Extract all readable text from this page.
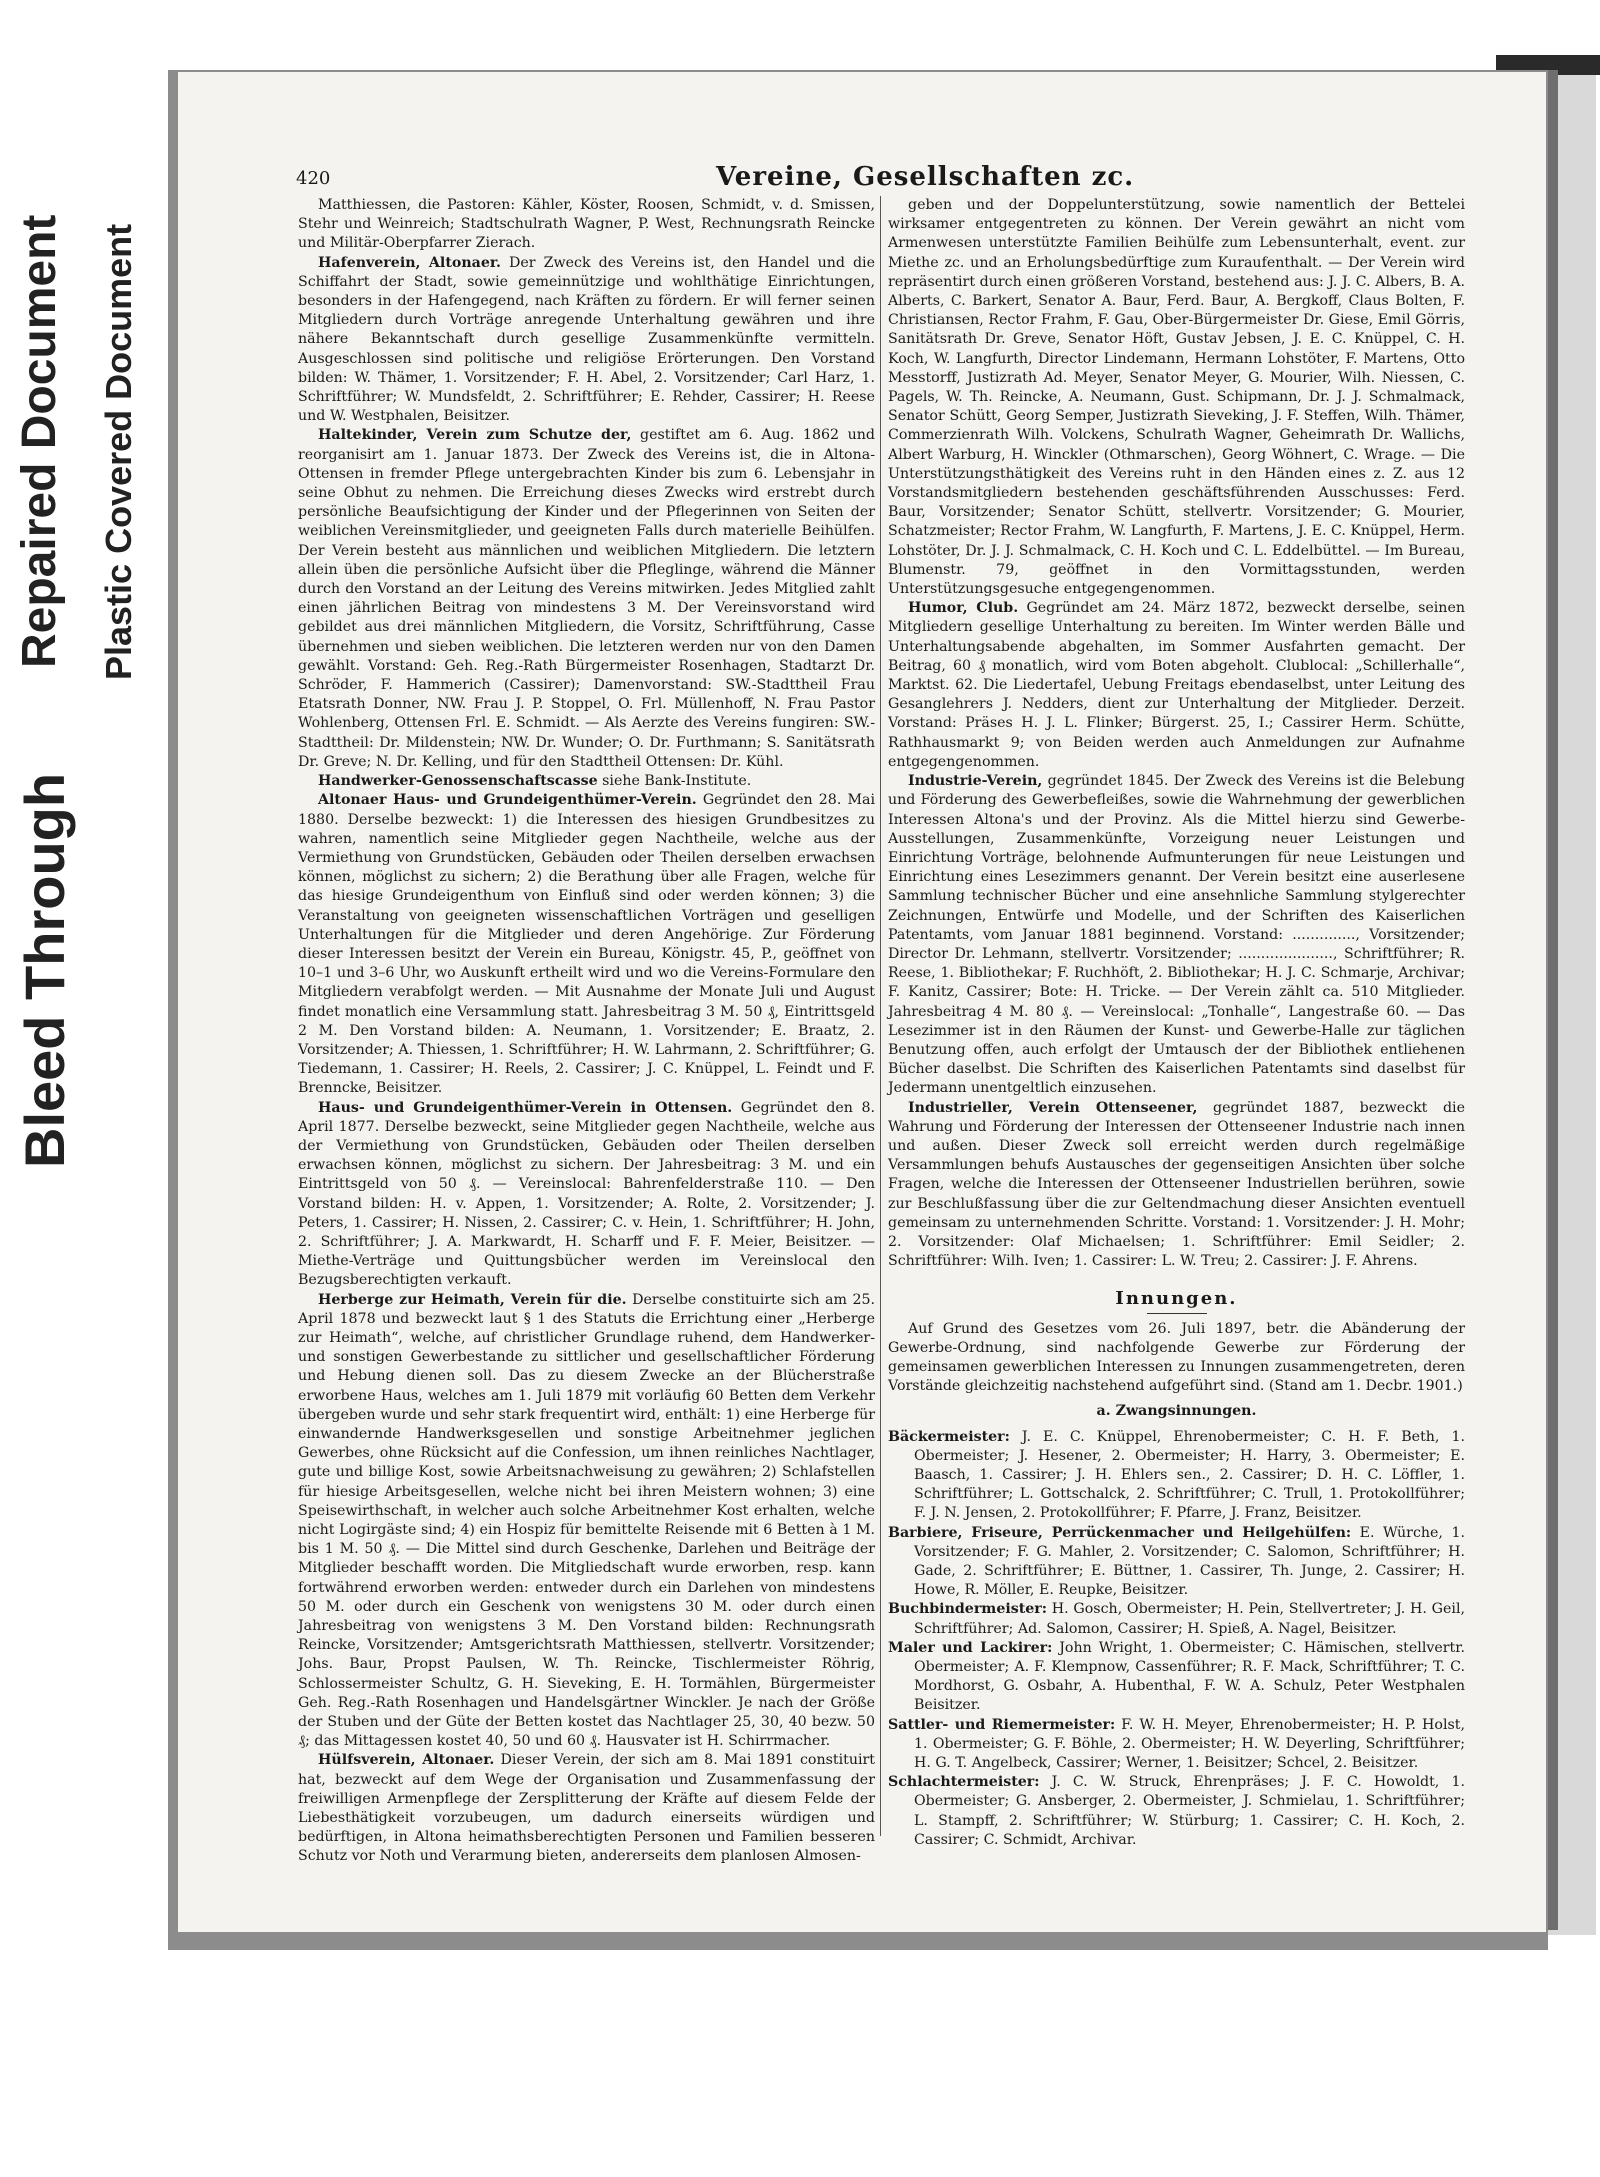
Bleed Through
Repaired Document Plastic Covered Document
420	Vereine, Gesellschaften zc.

Matthiessen, die Pastoren: Kähler, Köster, Roosen, Schmidt, v. d. Smissen, Stehr und Weinreich; Stadtschulrath Wagner, P. West, Rechnungsrath Reincke und Militär-Oberpfarrer Zierach.

Hafenverein, Altonaer. Der Zweck des Vereins ist, den Handel und die Schiffahrt der Stadt, sowie gemeinnützige und wohlthätige Einrichtungen, besonders in der Hafengegend, nach Kräften zu fördern. Er will ferner seinen Mitgliedern durch Vorträge anregende Unterhaltung gewähren und ihre nähere Bekanntschaft durch gesellige Zusammenkünfte vermitteln. Ausgeschlossen sind politische und religiöse Erörterungen. Den Vorstand bilden: W. Thämer, 1. Vorsitzender; F. H. Abel, 2. Vorsitzender; Carl Harz, 1. Schriftführer; W. Mundsfeldt, 2. Schriftführer; E. Rehder, Cassirer; H. Reese und W. Westphalen, Beisitzer.

Haltekinder, Verein zum Schutze der, gestiftet am 6. Aug. 1862 und reorganisirt am 1. Januar 1873. Der Zweck des Vereins ist, die in Altona-Ottensen in fremder Pflege untergebrachten Kinder bis zum 6. Lebensjahr in seine Obhut zu nehmen. Die Erreichung dieses Zwecks wird erstrebt durch persönliche Beaufsichtigung der Kinder und der Pflegerinnen von Seiten der weiblichen Vereinsmitglieder, und geeigneten Falls durch materielle Beihülfen. Der Verein besteht aus männlichen und weiblichen Mitgliedern. Die letztern allein üben die persönliche Aufsicht über die Pfleglinge, während die Männer durch den Vorstand an der Leitung des Vereins mitwirken. Jedes Mitglied zahlt einen jährlichen Beitrag von mindestens 3 M. Der Vereinsvorstand wird gebildet aus drei männlichen Mitgliedern, die Vorsitz, Schriftführung, Casse übernehmen und sieben weiblichen. Die letzteren werden nur von den Damen gewählt. Vorstand: Geh. Reg.-Rath Bürgermeister Rosenhagen, Stadtarzt Dr. Schröder, F. Hammerich (Cassirer); Damenvorstand: SW.-Stadttheil Frau Etatsrath Donner, NW. Frau J. P. Stoppel, O. Frl. Müllenhoff, N. Frau Pastor Wohlenberg, Ottensen Frl. E. Schmidt. — Als Aerzte des Vereins fungiren: SW.-Stadttheil: Dr. Mildenstein; NW. Dr. Wunder; O. Dr. Furthmann; S. Sanitätsrath Dr. Greve; N. Dr. Kelling, und für den Stadttheil Ottensen: Dr. Kühl.

Handwerker-Genossenschaftscasse siehe Bank-Institute.

Altonaer Haus- und Grundeigenthümer-Verein. Gegründet den 28. Mai 1880. Derselbe bezweckt: 1) die Interessen des hiesigen Grundbesitzes zu wahren, namentlich seine Mitglieder gegen Nachtheile, welche aus der Vermiethung von Grundstücken, Gebäuden oder Theilen derselben erwachsen können, möglichst zu sichern; 2) die Berathung über alle Fragen, welche für das hiesige Grundeigenthum von Einfluß sind oder werden können; 3) die Veranstaltung von geeigneten wissenschaftlichen Vorträgen und geselligen Unterhaltungen für die Mitglieder und deren Angehörige. Zur Förderung dieser Interessen besitzt der Verein ein Bureau, Königstr. 45, P., geöffnet von 10–1 und 3–6 Uhr, wo Auskunft ertheilt wird und wo die Vereins-Formulare den Mitgliedern verabfolgt werden. — Mit Ausnahme der Monate Juli und August findet monatlich eine Versammlung statt. Jahresbeitrag 3 M. 50 ₰, Eintrittsgeld 2 M. Den Vorstand bilden: A. Neumann, 1. Vorsitzender; E. Braatz, 2. Vorsitzender; A. Thiessen, 1. Schriftführer; H. W. Lahrmann, 2. Schriftführer; G. Tiedemann, 1. Cassirer; H. Reels, 2. Cassirer; J. C. Knüppel, L. Feindt und F. Brenncke, Beisitzer.

Haus- und Grundeigenthümer-Verein in Ottensen. Gegründet den 8. April 1877. Derselbe bezweckt, seine Mitglieder gegen Nachtheile, welche aus der Vermiethung von Grundstücken, Gebäuden oder Theilen derselben erwachsen können, möglichst zu sichern. Der Jahresbeitrag: 3 M. und ein Eintrittsgeld von 50 ₰. — Vereinslocal: Bahrenfelderstraße 110. — Den Vorstand bilden: H. v. Appen, 1. Vorsitzender; A. Rolte, 2. Vorsitzender; J. Peters, 1. Cassirer; H. Nissen, 2. Cassirer; C. v. Hein, 1. Schriftführer; H. John, 2. Schriftführer; J. A. Markwardt, H. Scharff und F. F. Meier, Beisitzer. — Miethe-Verträge und Quittungsbücher werden im Vereinslocal den Bezugsberechtigten verkauft.

Herberge zur Heimath, Verein für die. Derselbe constituirte sich am 25. April 1878 und bezweckt laut § 1 des Statuts die Errichtung einer „Herberge zur Heimath“, welche, auf christlicher Grundlage ruhend, dem Handwerker- und sonstigen Gewerbestande zu sittlicher und gesellschaftlicher Förderung und Hebung dienen soll. Das zu diesem Zwecke an der Blücherstraße erworbene Haus, welches am 1. Juli 1879 mit vorläufig 60 Betten dem Verkehr übergeben wurde und sehr stark frequentirt wird, enthält: 1) eine Herberge für einwandernde Handwerksgesellen und sonstige Arbeitnehmer jeglichen Gewerbes, ohne Rücksicht auf die Confession, um ihnen reinliches Nachtlager, gute und billige Kost, sowie Arbeitsnachweisung zu gewähren; 2) Schlafstellen für hiesige Arbeitsgesellen, welche nicht bei ihren Meistern wohnen; 3) eine Speisewirthschaft, in welcher auch solche Arbeitnehmer Kost erhalten, welche nicht Logirgäste sind; 4) ein Hospiz für bemittelte Reisende mit 6 Betten à 1 M. bis 1 M. 50 ₰. — Die Mittel sind durch Geschenke, Darlehen und Beiträge der Mitglieder beschafft worden. Die Mitgliedschaft wurde erworben, resp. kann fortwährend erworben werden: entweder durch ein Darlehen von mindestens 50 M. oder durch ein Geschenk von wenigstens 30 M. oder durch einen Jahresbeitrag von wenigstens 3 M. Den Vorstand bilden: Rechnungsrath Reincke, Vorsitzender; Amtsgerichtsrath Matthiessen, stellvertr. Vorsitzender; Johs. Baur, Propst Paulsen, W. Th. Reincke, Tischlermeister Röhrig, Schlossermeister Schultz, G. H. Sieveking, E. H. Tormählen, Bürgermeister Geh. Reg.-Rath Rosenhagen und Handelsgärtner Winckler. Je nach der Größe der Stuben und der Güte der Betten kostet das Nachtlager 25, 30, 40 bezw. 50 ₰; das Mittagessen kostet 40, 50 und 60 ₰. Hausvater ist H. Schirrmacher.

Hülfsverein, Altonaer. Dieser Verein, der sich am 8. Mai 1891 constituirt hat, bezweckt auf dem Wege der Organisation und Zusammenfassung der freiwilligen Armenpflege der Zersplitterung der Kräfte auf diesem Felde der Liebesthätigkeit vorzubeugen, um dadurch einerseits würdigen und bedürftigen, in Altona heimathsberechtigten Personen und Familien besseren Schutz vor Noth und Verarmung bieten, andererseits dem planlosen Almosen-

geben und der Doppelunterstützung, sowie namentlich der Bettelei wirksamer entgegentreten zu können. Der Verein gewährt an nicht vom Armenwesen unterstützte Familien Beihülfe zum Lebensunterhalt, event. zur Miethe zc. und an Erholungsbedürftige zum Kuraufenthalt. — Der Verein wird repräsentirt durch einen größeren Vorstand, bestehend aus: J. J. C. Albers, B. A. Alberts, C. Barkert, Senator A. Baur, Ferd. Baur, A. Bergkoff, Claus Bolten, F. Christiansen, Rector Frahm, F. Gau, Ober-Bürgermeister Dr. Giese, Emil Görris, Sanitätsrath Dr. Greve, Senator Höft, Gustav Jebsen, J. E. C. Knüppel, C. H. Koch, W. Langfurth, Director Lindemann, Hermann Lohstöter, F. Martens, Otto Messtorff, Justizrath Ad. Meyer, Senator Meyer, G. Mourier, Wilh. Niessen, C. Pagels, W. Th. Reincke, A. Neumann, Gust. Schipmann, Dr. J. J. Schmalmack, Senator Schütt, Georg Semper, Justizrath Sieveking, J. F. Steffen, Wilh. Thämer, Commerzienrath Wilh. Volckens, Schulrath Wagner, Geheimrath Dr. Wallichs, Albert Warburg, H. Winckler (Othmarschen), Georg Wöhnert, C. Wrage. — Die Unterstützungsthätigkeit des Vereins ruht in den Händen eines z. Z. aus 12 Vorstandsmitgliedern bestehenden geschäftsführenden Ausschusses: Ferd. Baur, Vorsitzender; Senator Schütt, stellvertr. Vorsitzender; G. Mourier, Schatzmeister; Rector Frahm, W. Langfurth, F. Martens, J. E. C. Knüppel, Herm. Lohstöter, Dr. J. J. Schmalmack, C. H. Koch und C. L. Eddelbüttel. — Im Bureau, Blumenstr. 79, geöffnet in den Vormittagsstunden, werden Unterstützungsgesuche entgegengenommen.

Humor, Club. Gegründet am 24. März 1872, bezweckt derselbe, seinen Mitgliedern gesellige Unterhaltung zu bereiten. Im Winter werden Bälle und Unterhaltungsabende abgehalten, im Sommer Ausfahrten gemacht. Der Beitrag, 60 ₰ monatlich, wird vom Boten abgeholt. Clublocal: „Schillerhalle“, Marktst. 62. Die Liedertafel, Uebung Freitags ebendaselbst, unter Leitung des Gesanglehrers J. Nedders, dient zur Unterhaltung der Mitglieder. Derzeit. Vorstand: Präses H. J. L. Flinker; Bürgerst. 25, I.; Cassirer Herm. Schütte, Rathhausmarkt 9; von Beiden werden auch Anmeldungen zur Aufnahme entgegengenommen.

Industrie-Verein, gegründet 1845. Der Zweck des Vereins ist die Belebung und Förderung des Gewerbefleißes, sowie die Wahrnehmung der gewerblichen Interessen Altona's und der Provinz. Als die Mittel hierzu sind Gewerbe-Ausstellungen, Zusammenkünfte, Vorzeigung neuer Leistungen und Einrichtung Vorträge, belohnende Aufmunterungen für neue Leistungen und Einrichtung eines Lesezimmers genannt. Der Verein besitzt eine auserlesene Sammlung technischer Bücher und eine ansehnliche Sammlung stylgerechter Zeichnungen, Entwürfe und Modelle, und der Schriften des Kaiserlichen Patentamts, vom Januar 1881 beginnend. Vorstand: .............., Vorsitzender; Director Dr. Lehmann, stellvertr. Vorsitzender; ....................., Schriftführer; R. Reese, 1. Bibliothekar; F. Ruchhöft, 2. Bibliothekar; H. J. C. Schmarje, Archivar; F. Kanitz, Cassirer; Bote: H. Tricke. — Der Verein zählt ca. 510 Mitglieder. Jahresbeitrag 4 M. 80 ₰. — Vereinslocal: „Tonhalle“, Langestraße 60. — Das Lesezimmer ist in den Räumen der Kunst- und Gewerbe-Halle zur täglichen Benutzung offen, auch erfolgt der Umtausch der der Bibliothek entliehenen Bücher daselbst. Die Schriften des Kaiserlichen Patentamts sind daselbst für Jedermann unentgeltlich einzusehen.

Industrieller, Verein Ottenseener, gegründet 1887, bezweckt die Wahrung und Förderung der Interessen der Ottenseener Industrie nach innen und außen. Dieser Zweck soll erreicht werden durch regelmäßige Versammlungen behufs Austausches der gegenseitigen Ansichten über solche Fragen, welche die Interessen der Ottenseener Industriellen berühren, sowie zur Beschlußfassung über die zur Geltendmachung dieser Ansichten eventuell gemeinsam zu unternehmenden Schritte. Vorstand: 1. Vorsitzender: J. H. Mohr; 2. Vorsitzender: Olaf Michaelsen; 1. Schriftführer: Emil Seidler; 2. Schriftführer: Wilh. Iven; 1. Cassirer: L. W. Treu; 2. Cassirer: J. F. Ahrens.

Innungen.

Auf Grund des Gesetzes vom 26. Juli 1897, betr. die Abänderung der Gewerbe-Ordnung, sind nachfolgende Gewerbe zur Förderung der gemeinsamen gewerblichen Interessen zu Innungen zusammengetreten, deren Vorstände gleichzeitig nachstehend aufgeführt sind. (Stand am 1. Decbr. 1901.)

a. Zwangsinnungen.

Bäckermeister: J. E. C. Knüppel, Ehrenobermeister; C. H. F. Beth, 1. Obermeister; J. Hesener, 2. Obermeister; H. Harry, 3. Obermeister; E. Baasch, 1. Cassirer; J. H. Ehlers sen., 2. Cassirer; D. H. C. Löffler, 1. Schriftführer; L. Gottschalck, 2. Schriftführer; C. Trull, 1. Protokollführer; F. J. N. Jensen, 2. Protokollführer; F. Pfarre, J. Franz, Beisitzer.

Barbiere, Friseure, Perrückenmacher und Heilgehülfen: E. Würche, 1. Vorsitzender; F. G. Mahler, 2. Vorsitzender; C. Salomon, Schriftführer; H. Gade, 2. Schriftführer; E. Büttner, 1. Cassirer, Th. Junge, 2. Cassirer; H. Howe, R. Möller, E. Reupke, Beisitzer.

Buchbindermeister: H. Gosch, Obermeister; H. Pein, Stellvertreter; J. H. Geil, Schriftführer; Ad. Salomon, Cassirer; H. Spieß, A. Nagel, Beisitzer.

Maler und Lackirer: John Wright, 1. Obermeister; C. Hämischen, stellvertr. Obermeister; A. F. Klempnow, Cassenführer; R. F. Mack, Schriftführer; T. C. Mordhorst, G. Osbahr, A. Hubenthal, F. W. A. Schulz, Peter Westphalen Beisitzer.

Sattler- und Riemermeister: F. W. H. Meyer, Ehrenobermeister; H. P. Holst, 1. Obermeister; G. F. Böhle, 2. Obermeister; H. W. Deyerling, Schriftführer; H. G. T. Angelbeck, Cassirer; Werner, 1. Beisitzer; Schcel, 2. Beisitzer.

Schlachtermeister: J. C. W. Struck, Ehrenpräses; J. F. C. Howoldt, 1. Obermeister; G. Ansberger, 2. Obermeister, J. Schmielau, 1. Schriftführer; L. Stampff, 2. Schriftführer; W. Stürburg; 1. Cassirer; C. H. Koch, 2. Cassirer; C. Schmidt, Archivar.
